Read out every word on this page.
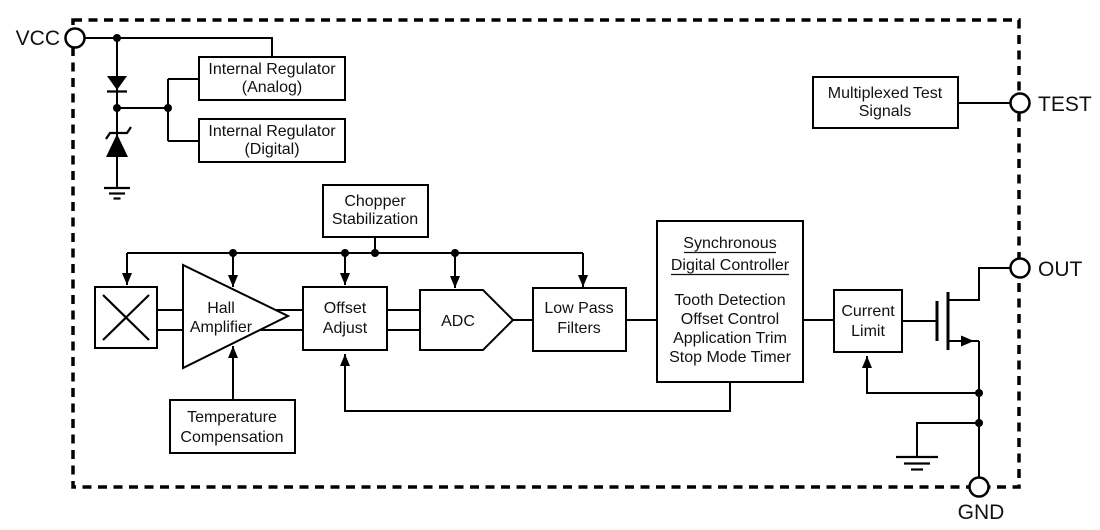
Internal Regulator
(Analog)
Internal Regulator
(Digital)
Multiplexed Test
Signals
Chopper
Stabilization
Hall
Amplifier
Offset
Adjust	ADC
Low Pass
Filters
Synchronous
Digital Controller
Tooth Detection
Offset Control
Application Trim
Stop Mode Timer
Current
Limit
Temperature
Compensation
VCC
TEST
OUT
GND
